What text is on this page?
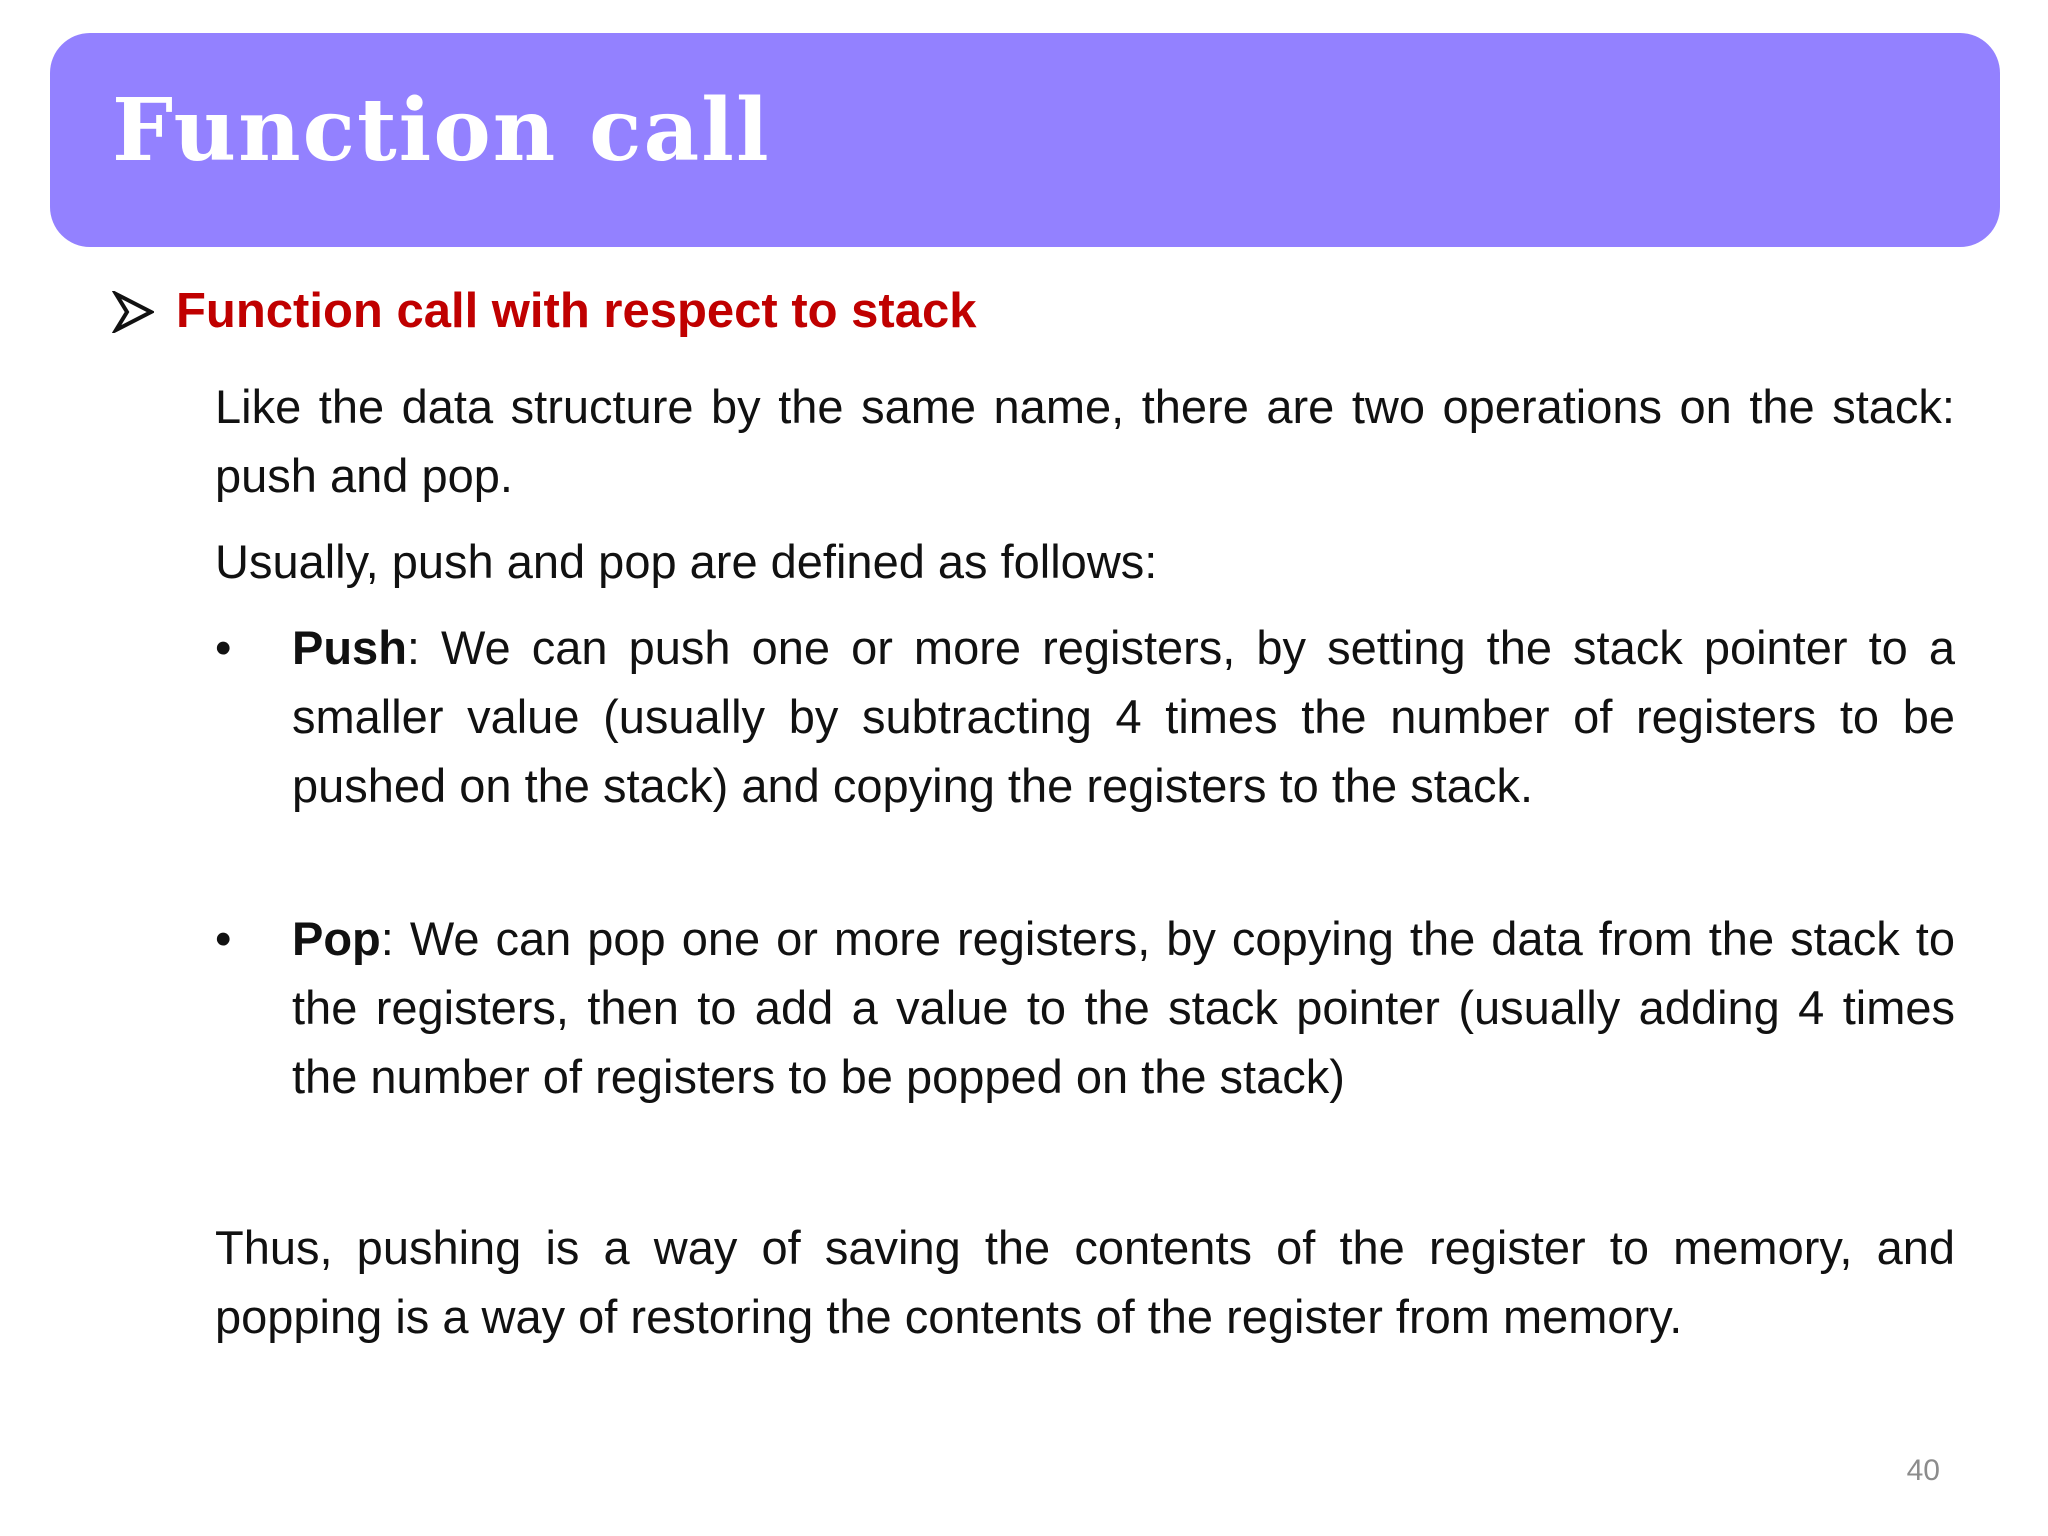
Function call
Function call with respect to stack

Like the data structure by the same name, there are two operations on the stack: push and pop.

Usually, push and pop are defined as follows:

• Push: We can push one or more registers, by setting the stack pointer to a smaller value (usually by subtracting 4 times the number of registers to be pushed on the stack) and copying the registers to the stack.

• Pop: We can pop one or more registers, by copying the data from the stack to the registers, then to add a value to the stack pointer (usually adding 4 times the number of registers to be popped on the stack)

Thus, pushing is a way of saving the contents of the register to memory, and popping is a way of restoring the contents of the register from memory.

40
